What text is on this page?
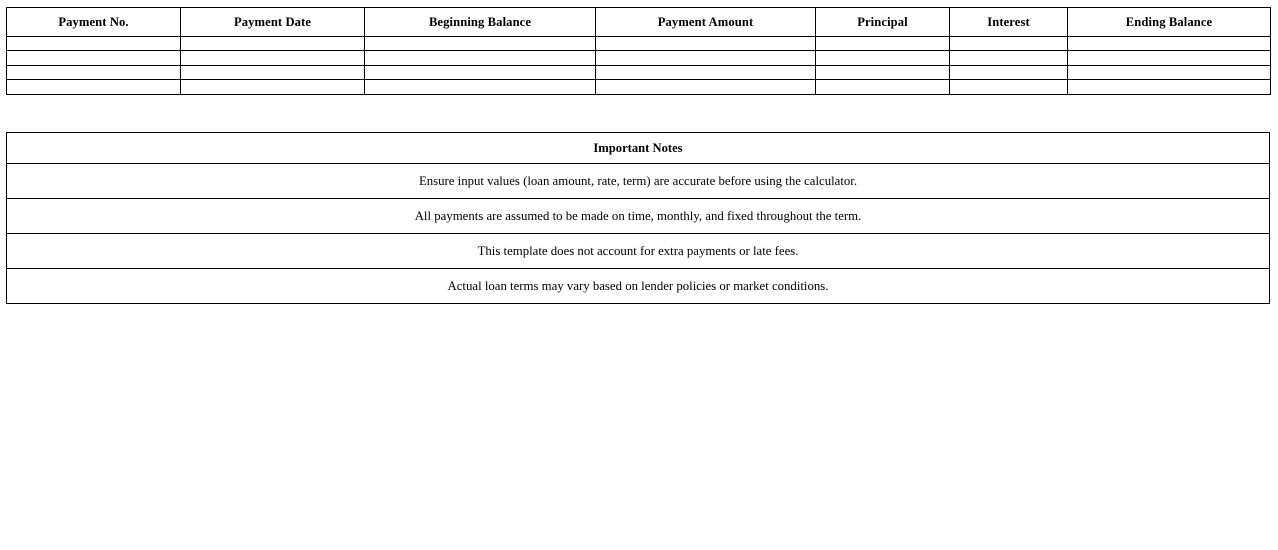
Payment No.	Payment Date	Beginning Balance	Payment Amount	Principal	Interest	Ending Balance

Important Notes
Ensure input values (loan amount, rate, term) are accurate before using the calculator.
All payments are assumed to be made on time, monthly, and fixed throughout the term.
This template does not account for extra payments or late fees.
Actual loan terms may vary based on lender policies or market conditions.
